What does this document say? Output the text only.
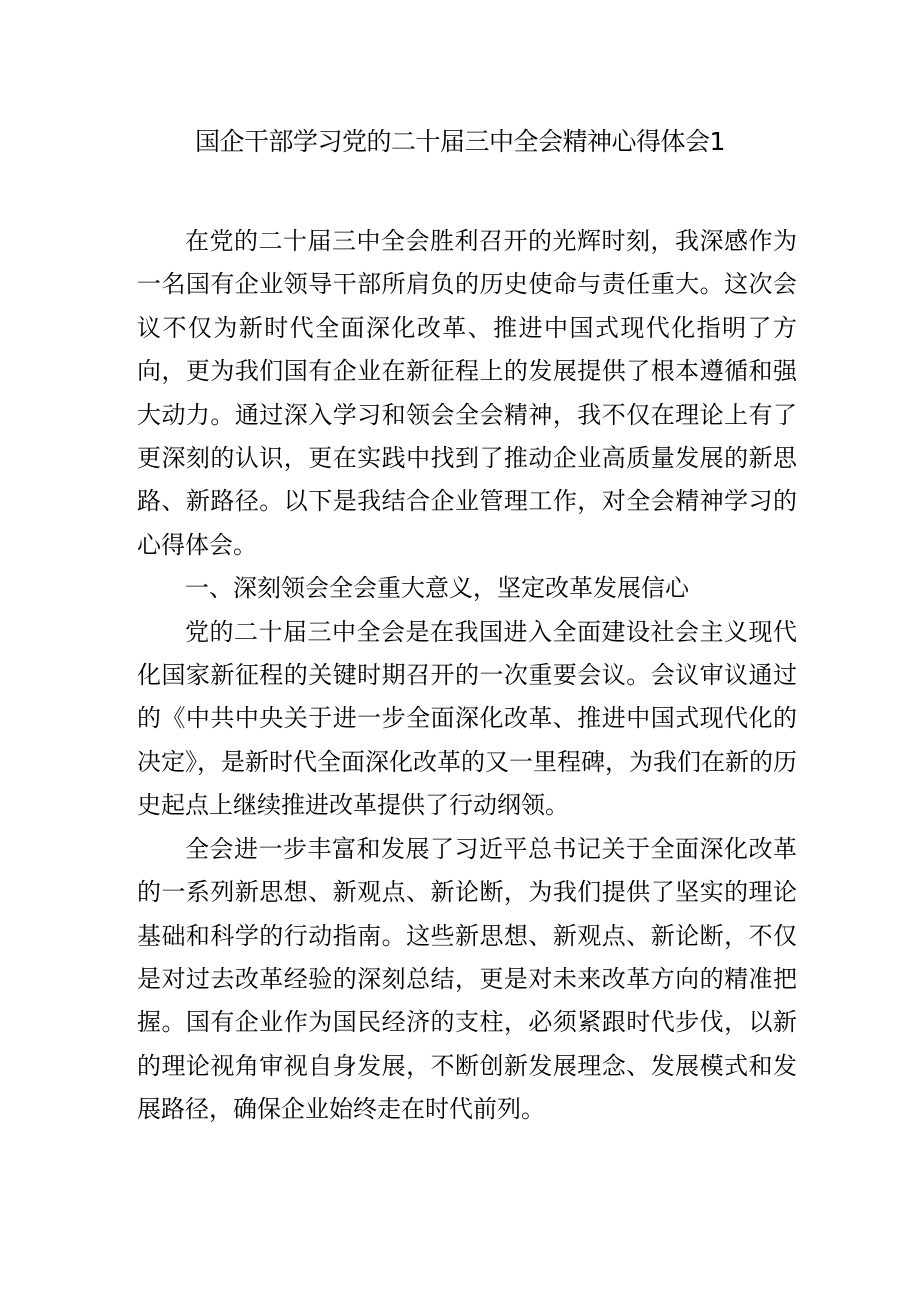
国企干部学习党的二十届三中全会精神心得体会1

在党的二十届三中全会胜利召开的光辉时刻，我深感作为一名国有企业领导干部所肩负的历史使命与责任重大。这次会议不仅为新时代全面深化改革、推进中国式现代化指明了方向，更为我们国有企业在新征程上的发展提供了根本遵循和强大动力。通过深入学习和领会全会精神，我不仅在理论上有了更深刻的认识，更在实践中找到了推动企业高质量发展的新思路、新路径。以下是我结合企业管理工作，对全会精神学习的心得体会。

一、深刻领会全会重大意义，坚定改革发展信心

党的二十届三中全会是在我国进入全面建设社会主义现代化国家新征程的关键时期召开的一次重要会议。会议审议通过的《中共中央关于进一步全面深化改革、推进中国式现代化的决定》，是新时代全面深化改革的又一里程碑，为我们在新的历史起点上继续推进改革提供了行动纲领。

全会进一步丰富和发展了习近平总书记关于全面深化改革的一系列新思想、新观点、新论断，为我们提供了坚实的理论基础和科学的行动指南。这些新思想、新观点、新论断，不仅是对过去改革经验的深刻总结，更是对未来改革方向的精准把握。国有企业作为国民经济的支柱，必须紧跟时代步伐，以新的理论视角审视自身发展，不断创新发展理念、发展模式和发展路径，确保企业始终走在时代前列。
